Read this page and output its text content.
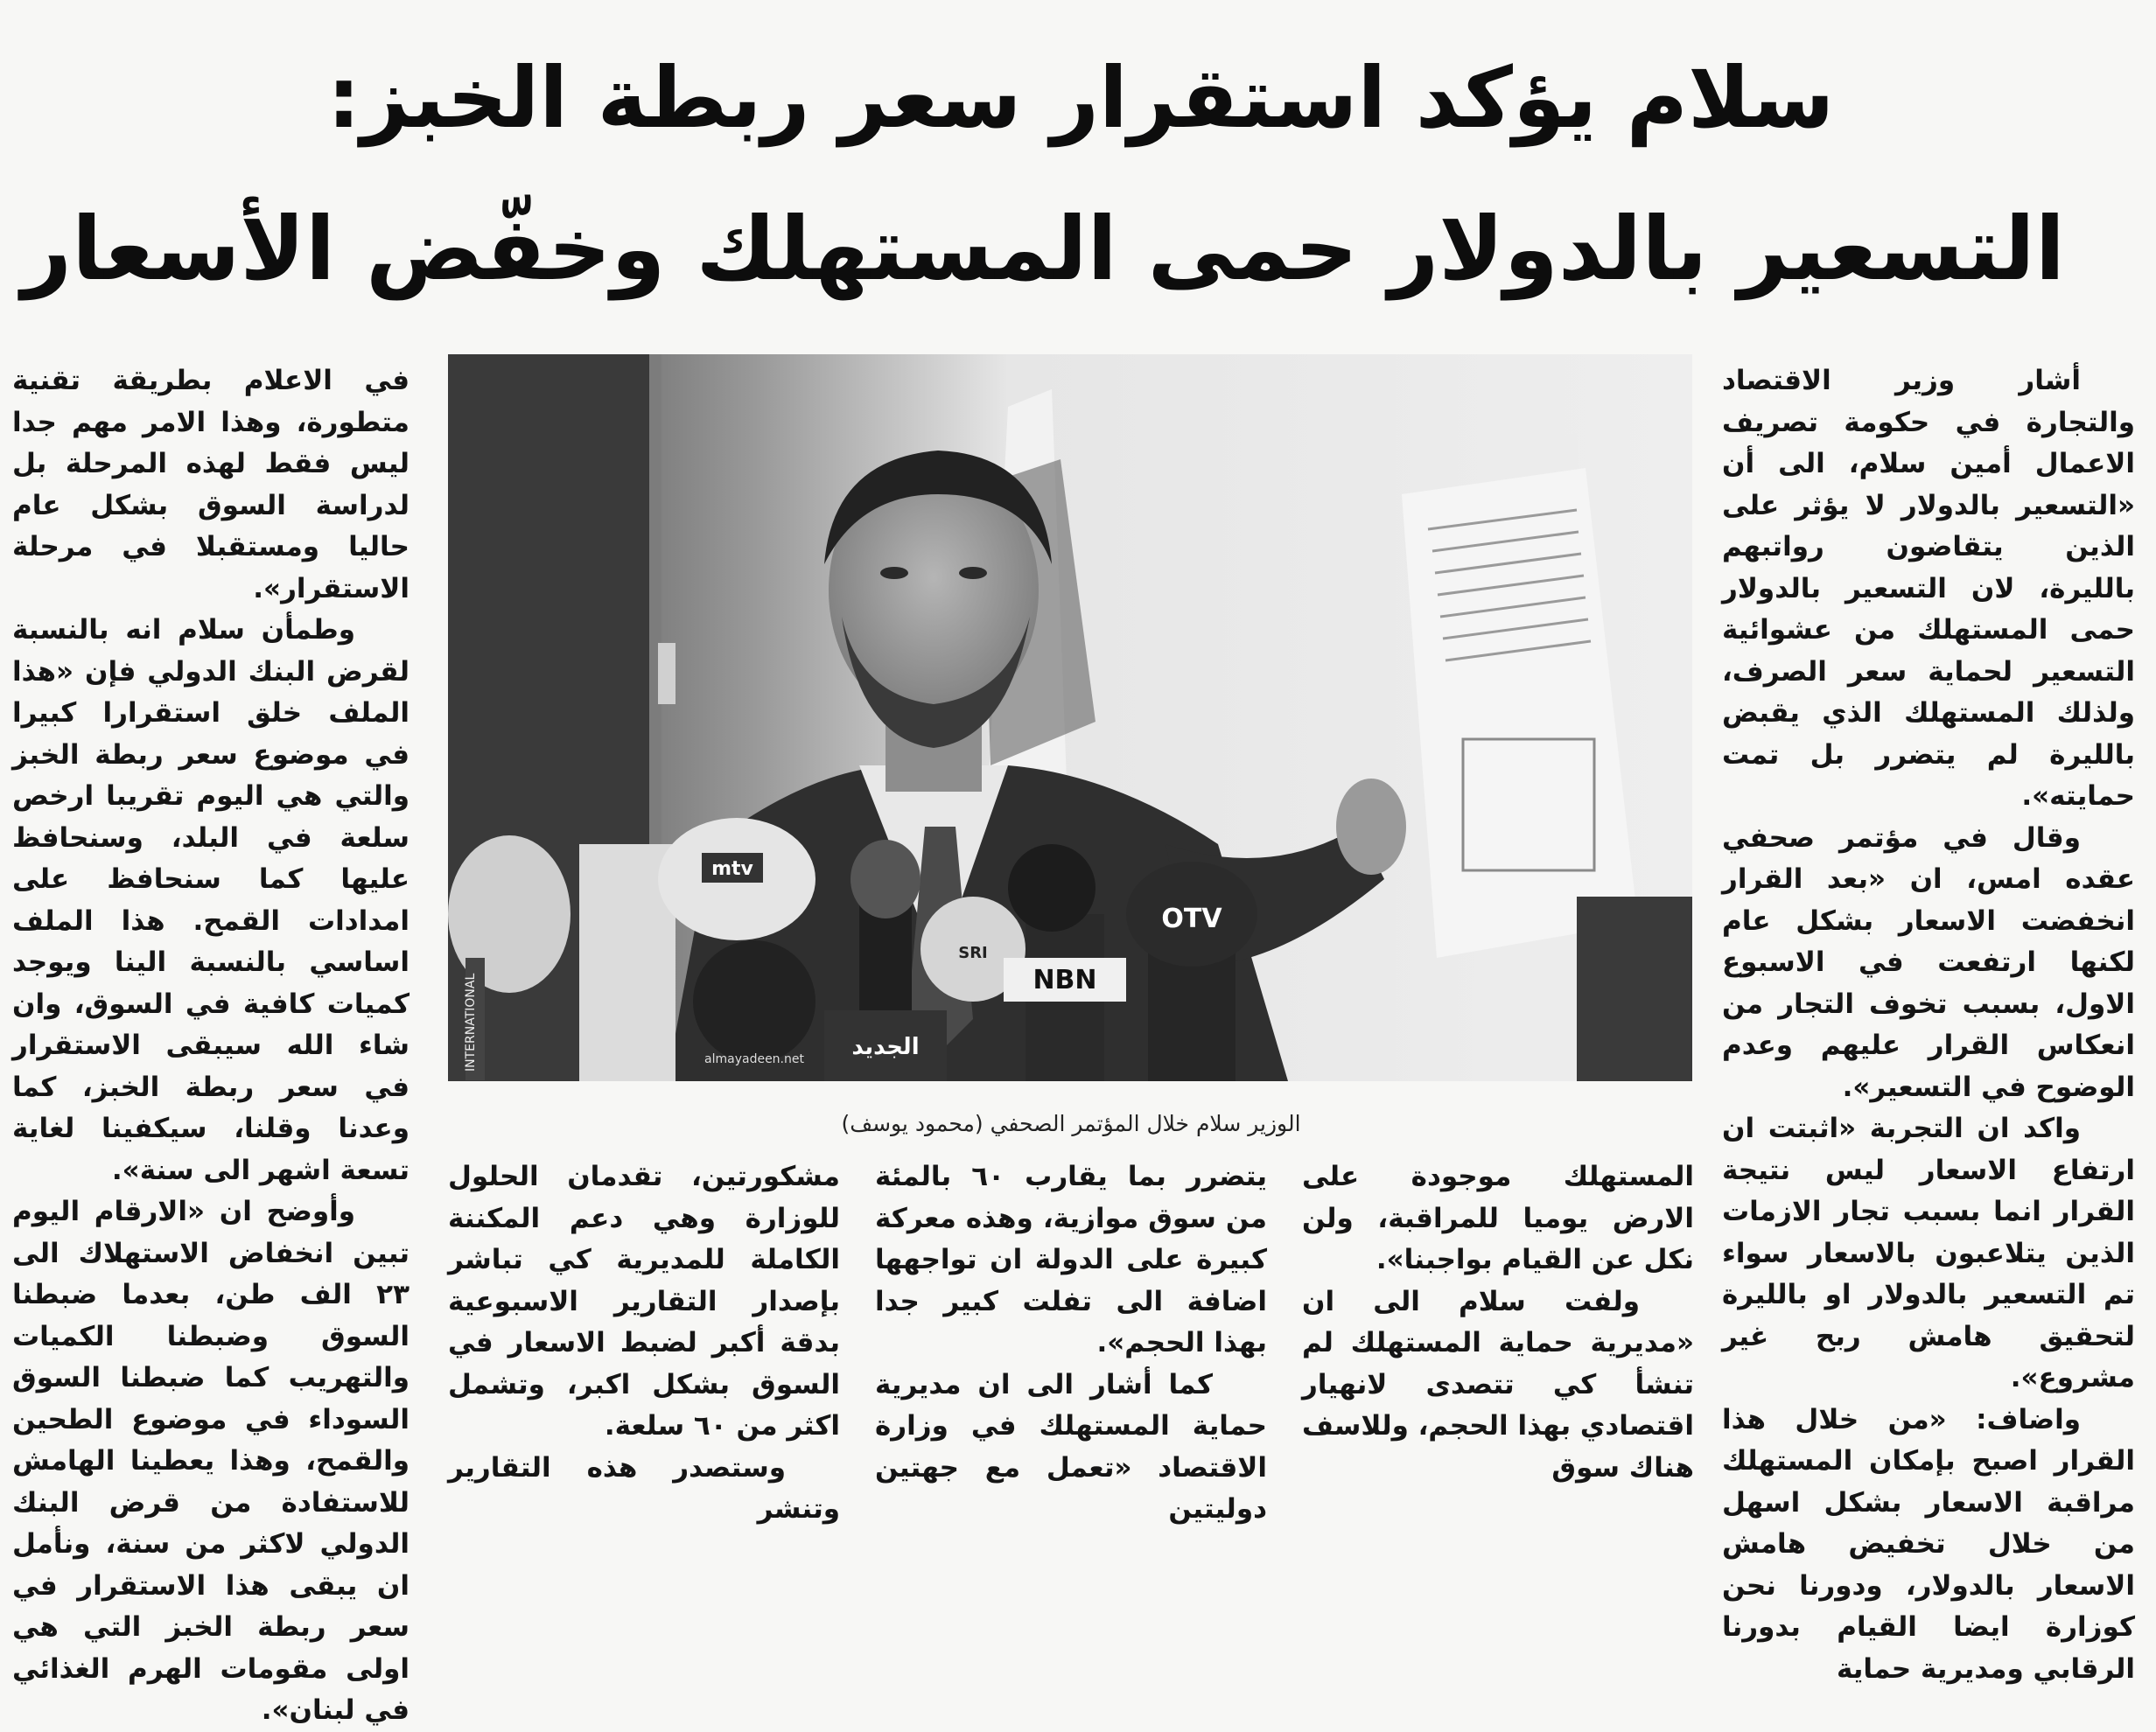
سلام يؤكد استقرار سعر ربطة الخبز:
التسعير بالدولار حمى المستهلك وخفّض الأسعار

أشار وزير الاقتصاد والتجارة في حكومة تصريف الاعمال أمين سلام، الى أن «التسعير بالدولار لا يؤثر على الذين يتقاضون رواتبهم بالليرة، لان التسعير بالدولار حمى المستهلك من عشوائية التسعير لحماية سعر الصرف، ولذلك المستهلك الذي يقبض بالليرة لم يتضرر بل تمت حمايته».

وقال في مؤتمر صحفي عقده امس، ان «بعد القرار انخفضت الاسعار بشكل عام لكنها ارتفعت في الاسبوع الاول، بسبب تخوف التجار من انعكاس القرار عليهم وعدم الوضوح في التسعير».

واكد ان التجربة «اثبتت ان ارتفاع الاسعار ليس نتيجة القرار انما بسبب تجار الازمات الذين يتلاعبون بالاسعار سواء تم التسعير بالدولار او بالليرة لتحقيق هامش ربح غير مشروع».

واضاف: «من خلال هذا القرار اصبح بإمكان المستهلك مراقبة الاسعار بشكل اسهل من خلال تخفيض هامش الاسعار بالدولار، ودورنا نحن كوزارة ايضا القيام بدورنا الرقابي ومديرية حماية

mtv
almayadeen.net
INTERNATIONAL
SRI
الجديد
NBN
OTV
الوزير سلام خلال المؤتمر الصحفي (محمود يوسف)

المستهلك موجودة على الارض يوميا للمراقبة، ولن نكل عن القيام بواجبنا».

ولفت سلام الى ان «مديرية حماية المستهلك لم تنشأ كي تتصدى لانهيار اقتصادي بهذا الحجم، وللاسف هناك سوق

يتضرر بما يقارب ٦٠ بالمئة من سوق موازية، وهذه معركة كبيرة على الدولة ان تواجهها اضافة الى تفلت كبير جدا بهذا الحجم».

كما أشار الى ان مديرية حماية المستهلك في وزارة الاقتصاد «تعمل مع جهتين دوليتين

مشكورتين، تقدمان الحلول للوزارة وهي دعم المكننة الكاملة للمديرية كي تباشر بإصدار التقارير الاسبوعية بدقة أكبر لضبط الاسعار في السوق بشكل اكبر، وتشمل اكثر من ٦٠ سلعة.

وستصدر هذه التقارير وتنشر

في الاعلام بطريقة تقنية متطورة، وهذا الامر مهم جدا ليس فقط لهذه المرحلة بل لدراسة السوق بشكل عام حاليا ومستقبلا في مرحلة الاستقرار».

وطمأن سلام انه بالنسبة لقرض البنك الدولي فإن «هذا الملف خلق استقرارا كبيرا في موضوع سعر ربطة الخبز والتي هي اليوم تقريبا ارخص سلعة في البلد، وسنحافظ عليها كما سنحافظ على امدادات القمح. هذا الملف اساسي بالنسبة الينا ويوجد كميات كافية في السوق، وان شاء الله سيبقى الاستقرار في سعر ربطة الخبز، كما وعدنا وقلنا، سيكفينا لغاية تسعة اشهر الى سنة».

وأوضح ان «الارقام اليوم تبين انخفاض الاستهلاك الى ٢٣ الف طن، بعدما ضبطنا السوق وضبطنا الكميات والتهريب كما ضبطنا السوق السوداء في موضوع الطحين والقمح، وهذا يعطينا الهامش للاستفادة من قرض البنك الدولي لاكثر من سنة، ونأمل ان يبقى هذا الاستقرار في سعر ربطة الخبز التي هي اولى مقومات الهرم الغذائي في لبنان».
